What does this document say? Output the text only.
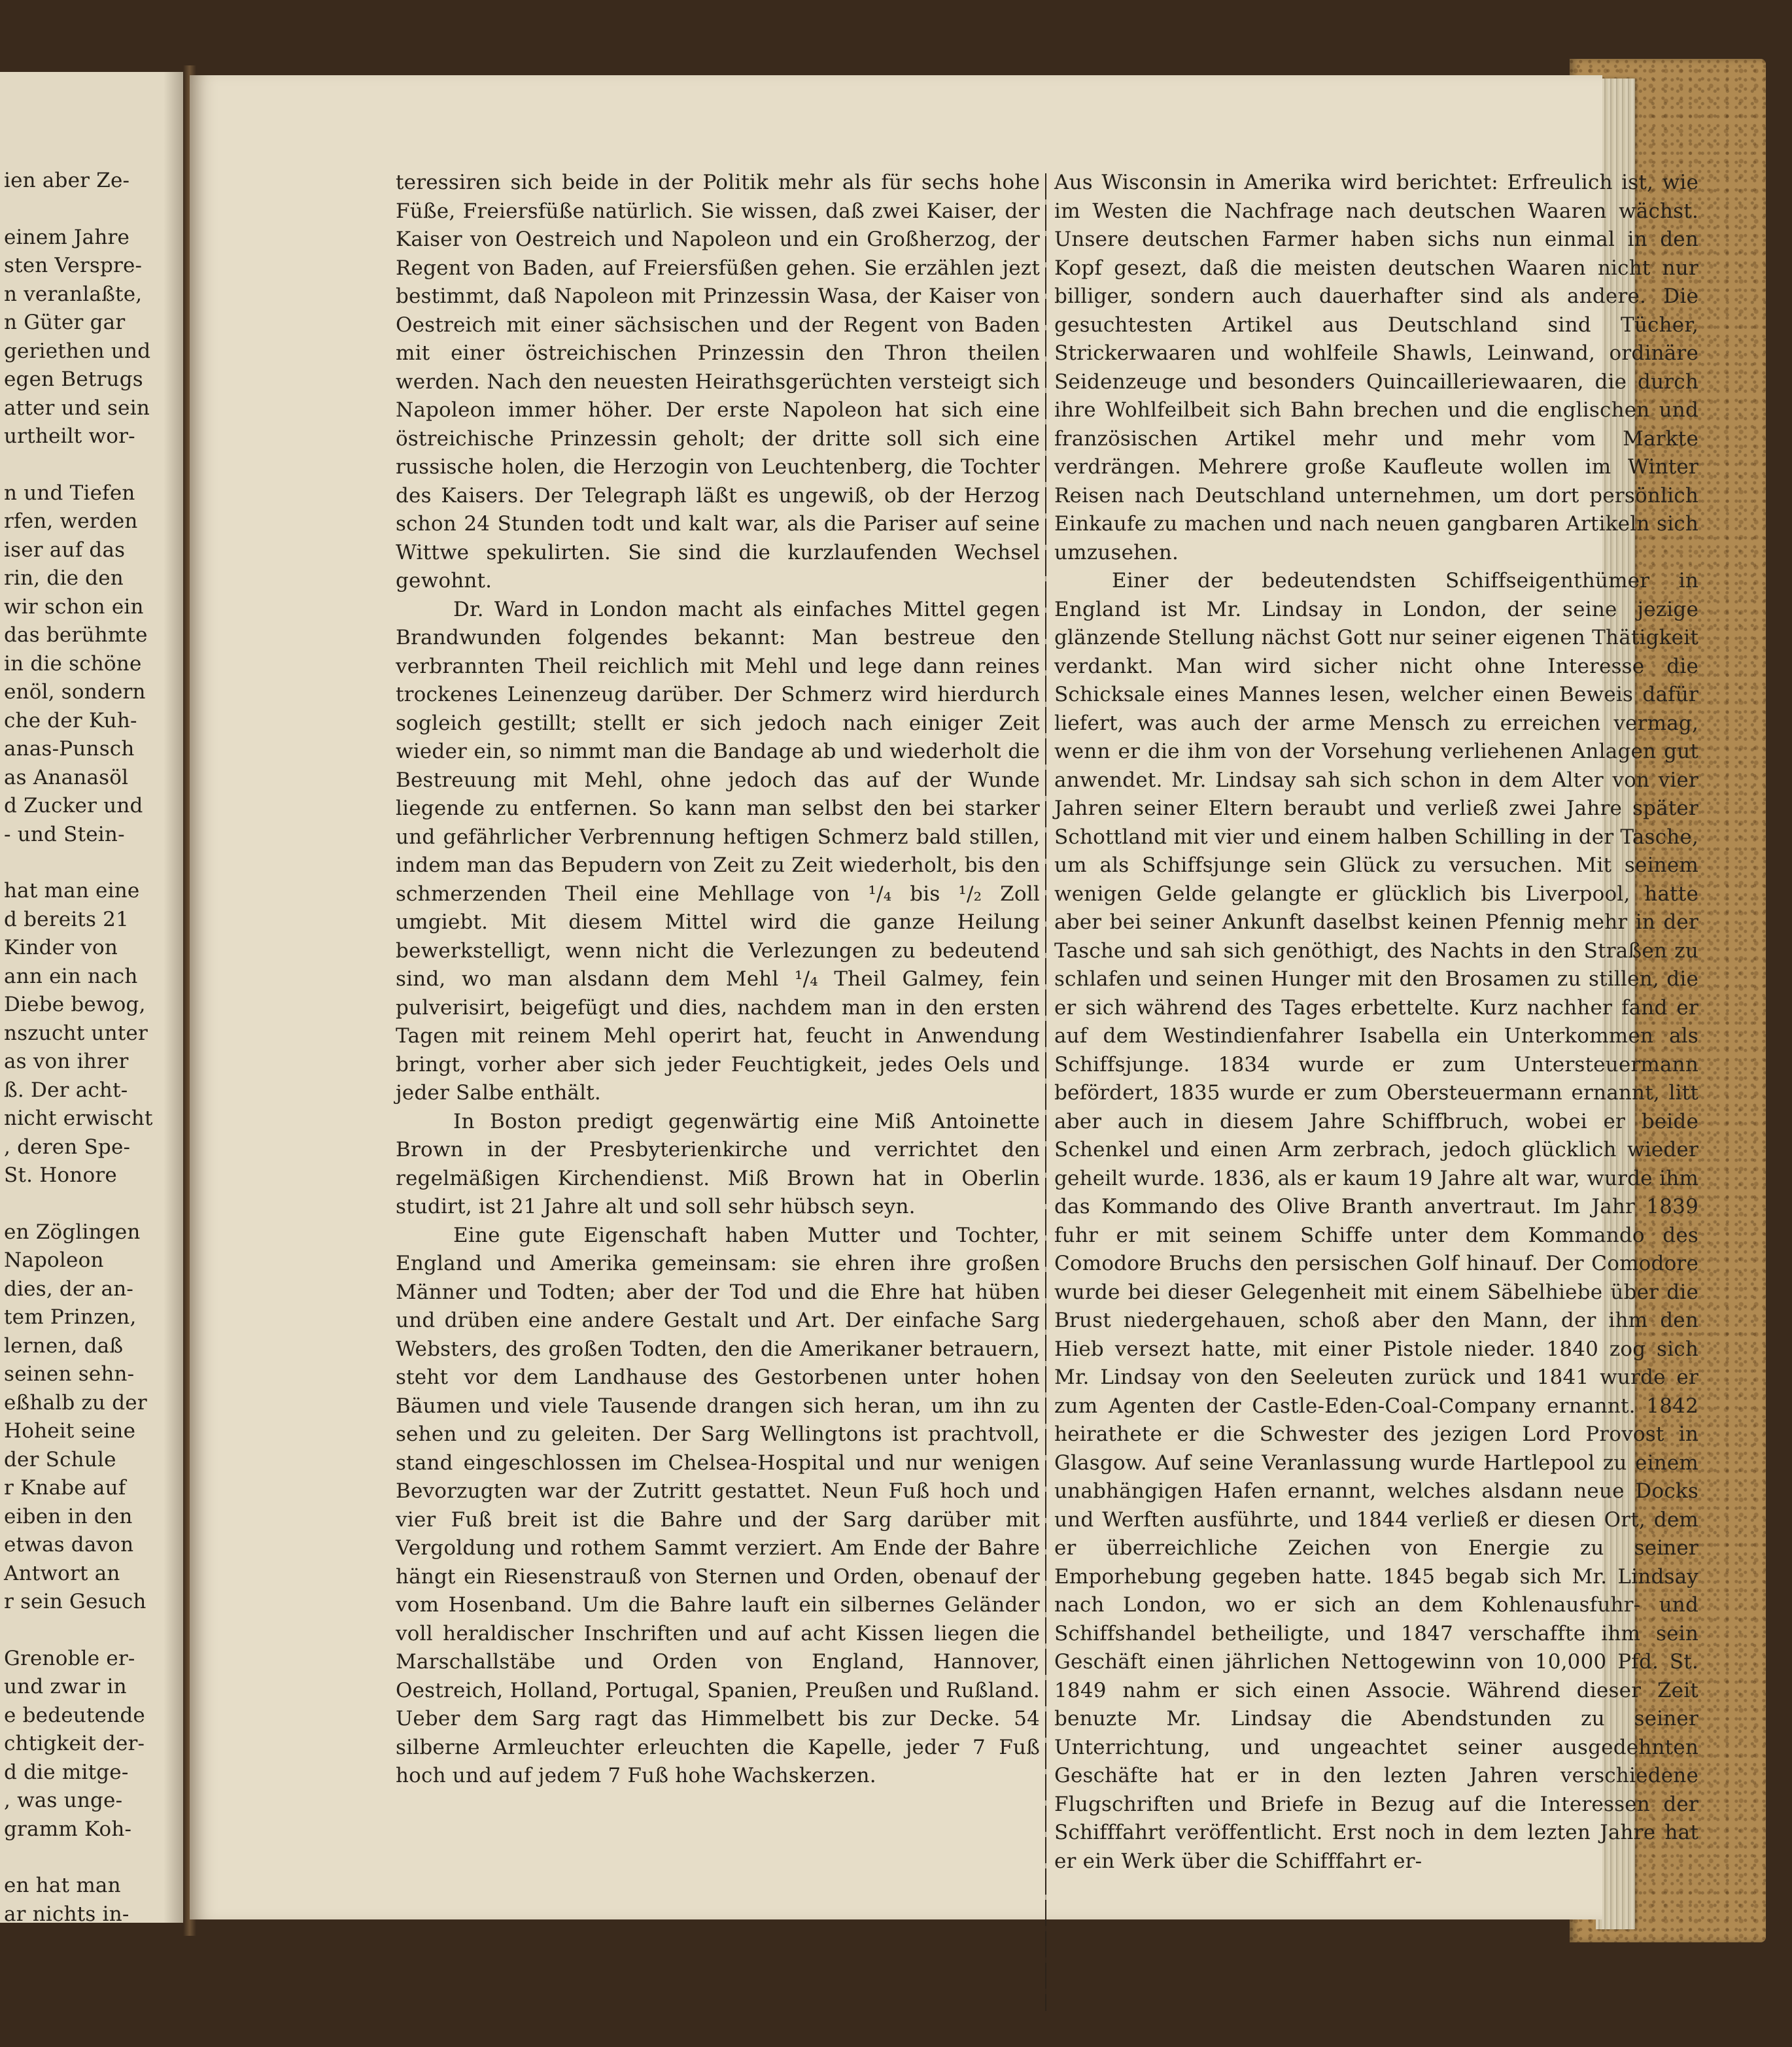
ien aber Ze-
einem Jahre
sten Verspre-
n veranlaßte,
n Güter gar
geriethen und
egen Betrugs
atter und sein
urtheilt wor-
n und Tiefen
rfen, werden
iser auf das
rin, die den
wir schon ein
das berühmte
in die schöne
enöl, sondern
che der Kuh-
anas-Punsch
as Ananasöl
d Zucker und
- und Stein-
hat man eine
d bereits 21
Kinder von
ann ein nach
Diebe bewog,
nszucht unter
as von ihrer
ß. Der acht-
nicht erwischt
, deren Spe-
St. Honore
en Zöglingen
Napoleon
dies, der an-
tem Prinzen,
lernen, daß
seinen sehn-
eßhalb zu der
Hoheit seine
der Schule
r Knabe auf
eiben in den
etwas davon
Antwort an
r sein Gesuch
Grenoble er-
und zwar in
e bedeutende
chtigkeit der-
d die mitge-
, was unge-
gramm Koh-
en hat man
ar nichts in-

teressiren sich beide in der Politik mehr als für sechs hohe Füße, Freiersfüße natürlich. Sie wissen, daß zwei Kaiser, der Kaiser von Oestreich und Napoleon und ein Großherzog, der Regent von Baden, auf Freiersfüßen gehen. Sie erzählen jezt bestimmt, daß Napoleon mit Prinzessin Wasa, der Kaiser von Oestreich mit einer sächsischen und der Regent von Baden mit einer östreichischen Prinzessin den Thron theilen werden. Nach den neuesten Heirathsgerüchten versteigt sich Napoleon immer höher. Der erste Napoleon hat sich eine östreichische Prinzessin geholt; der dritte soll sich eine russische holen, die Herzogin von Leuchtenberg, die Tochter des Kaisers. Der Telegraph läßt es ungewiß, ob der Herzog schon 24 Stunden todt und kalt war, als die Pariser auf seine Wittwe spekulirten. Sie sind die kurzlaufenden Wechsel gewohnt.

Dr. Ward in London macht als einfaches Mittel gegen Brandwunden folgendes bekannt: Man bestreue den verbrannten Theil reichlich mit Mehl und lege dann reines trockenes Leinenzeug darüber. Der Schmerz wird hierdurch sogleich gestillt; stellt er sich jedoch nach einiger Zeit wieder ein, so nimmt man die Bandage ab und wiederholt die Bestreuung mit Mehl, ohne jedoch das auf der Wunde liegende zu entfernen. So kann man selbst den bei starker und gefährlicher Verbrennung heftigen Schmerz bald stillen, indem man das Bepudern von Zeit zu Zeit wiederholt, bis den schmerzenden Theil eine Mehllage von ¹/₄ bis ¹/₂ Zoll umgiebt. Mit diesem Mittel wird die ganze Heilung bewerkstelligt, wenn nicht die Verlezungen zu bedeutend sind, wo man alsdann dem Mehl ¹/₄ Theil Galmey, fein pulverisirt, beigefügt und dies, nachdem man in den ersten Tagen mit reinem Mehl operirt hat, feucht in Anwendung bringt, vorher aber sich jeder Feuchtigkeit, jedes Oels und jeder Salbe enthält.

In Boston predigt gegenwärtig eine Miß Antoinette Brown in der Presbyterienkirche und verrichtet den regelmäßigen Kirchendienst. Miß Brown hat in Oberlin studirt, ist 21 Jahre alt und soll sehr hübsch seyn.

Eine gute Eigenschaft haben Mutter und Tochter, England und Amerika gemeinsam: sie ehren ihre großen Männer und Todten; aber der Tod und die Ehre hat hüben und drüben eine andere Gestalt und Art. Der einfache Sarg Websters, des großen Todten, den die Amerikaner betrauern, steht vor dem Landhause des Gestorbenen unter hohen Bäumen und viele Tausende drangen sich heran, um ihn zu sehen und zu geleiten. Der Sarg Wellingtons ist prachtvoll, stand eingeschlossen im Chelsea-Hospital und nur wenigen Bevorzugten war der Zutritt gestattet. Neun Fuß hoch und vier Fuß breit ist die Bahre und der Sarg darüber mit Vergoldung und rothem Sammt verziert. Am Ende der Bahre hängt ein Riesenstrauß von Sternen und Orden, obenauf der vom Hosenband. Um die Bahre lauft ein silbernes Geländer voll heraldischer Inschriften und auf acht Kissen liegen die Marschallstäbe und Orden von England, Hannover, Oestreich, Holland, Portugal, Spanien, Preußen und Rußland. Ueber dem Sarg ragt das Himmelbett bis zur Decke. 54 silberne Armleuchter erleuchten die Kapelle, jeder 7 Fuß hoch und auf jedem 7 Fuß hohe Wachskerzen.

Aus Wisconsin in Amerika wird berichtet: Erfreulich ist, wie im Westen die Nachfrage nach deutschen Waaren wächst. Unsere deutschen Farmer haben sichs nun einmal in den Kopf gesezt, daß die meisten deutschen Waaren nicht nur billiger, sondern auch dauerhafter sind als andere. Die gesuchtesten Artikel aus Deutschland sind Tücher, Strickerwaaren und wohlfeile Shawls, Leinwand, ordinäre Seidenzeuge und besonders Quincailleriewaaren, die durch ihre Wohlfeilbeit sich Bahn brechen und die englischen und französischen Artikel mehr und mehr vom Markte verdrängen. Mehrere große Kaufleute wollen im Winter Reisen nach Deutschland unternehmen, um dort persönlich Einkaufe zu machen und nach neuen gangbaren Artikeln sich umzusehen.

Einer der bedeutendsten Schiffseigenthümer in England ist Mr. Lindsay in London, der seine jezige glänzende Stellung nächst Gott nur seiner eigenen Thätigkeit verdankt. Man wird sicher nicht ohne Interesse die Schicksale eines Mannes lesen, welcher einen Beweis dafür liefert, was auch der arme Mensch zu erreichen vermag, wenn er die ihm von der Vorsehung verliehenen Anlagen gut anwendet. Mr. Lindsay sah sich schon in dem Alter von vier Jahren seiner Eltern beraubt und verließ zwei Jahre später Schottland mit vier und einem halben Schilling in der Tasche, um als Schiffsjunge sein Glück zu versuchen. Mit seinem wenigen Gelde gelangte er glücklich bis Liverpool, hatte aber bei seiner Ankunft daselbst keinen Pfennig mehr in der Tasche und sah sich genöthigt, des Nachts in den Straßen zu schlafen und seinen Hunger mit den Brosamen zu stillen, die er sich während des Tages erbettelte. Kurz nachher fand er auf dem Westindienfahrer Isabella ein Unterkommen als Schiffsjunge. 1834 wurde er zum Untersteuermann befördert, 1835 wurde er zum Obersteuermann ernannt, litt aber auch in diesem Jahre Schiffbruch, wobei er beide Schenkel und einen Arm zerbrach, jedoch glücklich wieder geheilt wurde. 1836, als er kaum 19 Jahre alt war, wurde ihm das Kommando des Olive Branth anvertraut. Im Jahr 1839 fuhr er mit seinem Schiffe unter dem Kommando des Comodore Bruchs den persischen Golf hinauf. Der Comodore wurde bei dieser Gelegenheit mit einem Säbelhiebe über die Brust niedergehauen, schoß aber den Mann, der ihm den Hieb versezt hatte, mit einer Pistole nieder. 1840 zog sich Mr. Lindsay von den Seeleuten zurück und 1841 wurde er zum Agenten der Castle-Eden-Coal-Company ernannt. 1842 heirathete er die Schwester des jezigen Lord Provost in Glasgow. Auf seine Veranlassung wurde Hartlepool zu einem unabhängigen Hafen ernannt, welches alsdann neue Docks und Werften ausführte, und 1844 verließ er diesen Ort, dem er überreichliche Zeichen von Energie zu seiner Emporhebung gegeben hatte. 1845 begab sich Mr. Lindsay nach London, wo er sich an dem Kohlenausfuhr- und Schiffshandel betheiligte, und 1847 verschaffte ihm sein Geschäft einen jährlichen Nettogewinn von 10,000 Pfd. St. 1849 nahm er sich einen Associe. Während dieser Zeit benuzte Mr. Lindsay die Abendstunden zu seiner Unterrichtung, und ungeachtet seiner ausgedehnten Geschäfte hat er in den lezten Jahren verschiedene Flugschriften und Briefe in Bezug auf die Interessen der Schifffahrt veröffentlicht. Erst noch in dem lezten Jahre hat er ein Werk über die Schifffahrt er-
